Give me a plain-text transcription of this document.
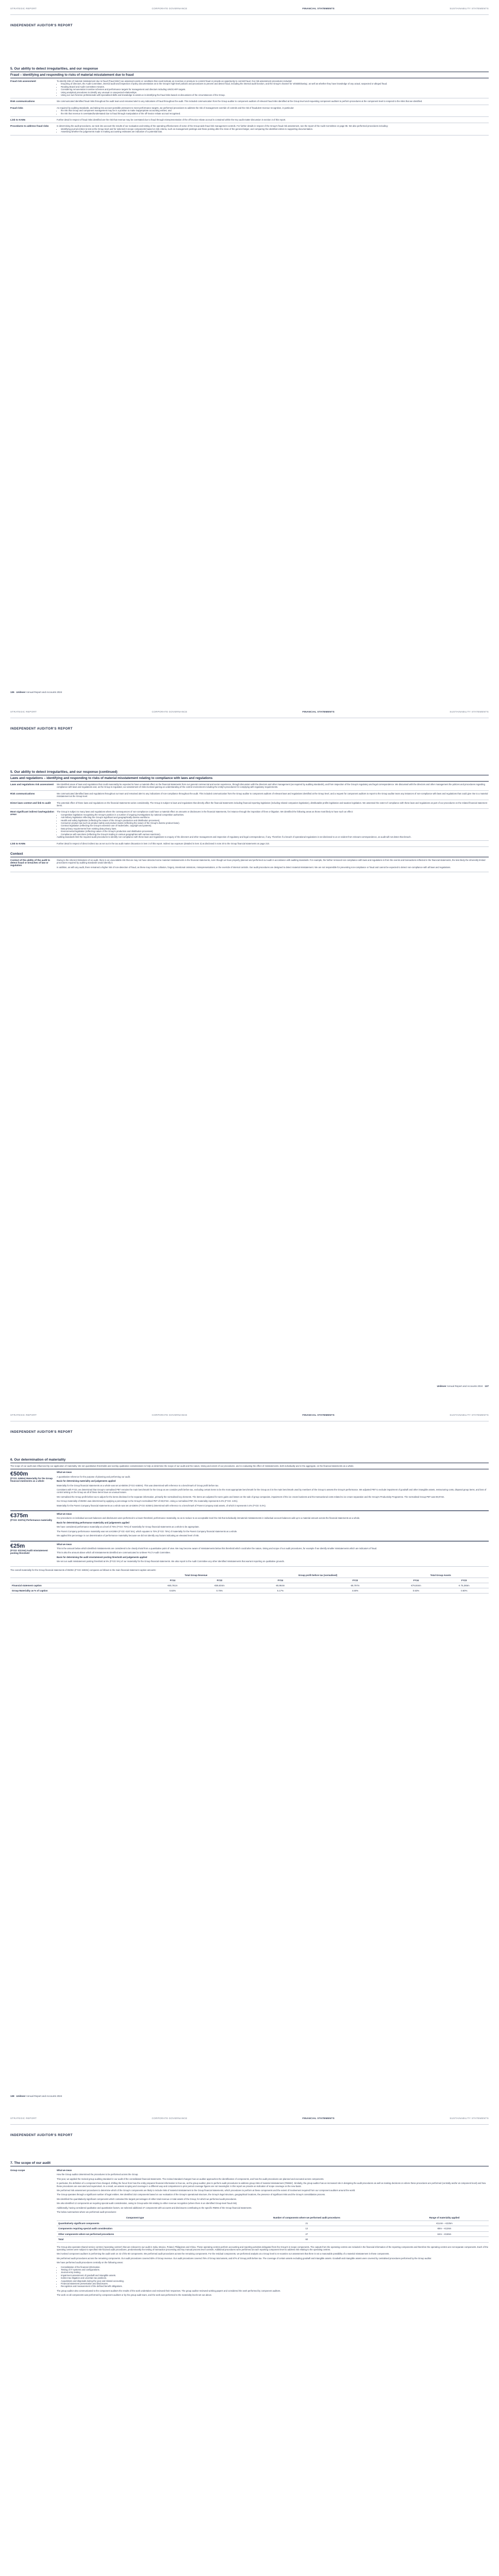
STRATEGIC REPORT	CORPORATE GOVERNANCE	FINANCIAL STATEMENTS	SUSTAINABILITY STATEMENTS
INDEPENDENT AUDITOR'S REPORT
5. Our ability to detect irregularities, and our response
Fraud – identifying and responding to risks of material misstatement due to fraud
Fraud risk assessment	To identify risks of material misstatement due to fraud ('fraud risks') we assessed events or conditions that could indicate an incentive or pressure to commit fraud or provide an opportunity to commit fraud. Our risk assessment procedures included:
• Enquiring of directors, the Audit Committee, internal audit and inspection of policy documentation as to the Group's high-level policies and procedures to prevent and detect fraud, including the internal audit function, and the Group's channel for 'whistleblowing', as well as whether they have knowledge of any actual, suspected or alleged fraud.
• Reading Board and Audit Committee minutes.
• Considering remuneration incentive schemes and performance targets for management and directors including UNOCARF targets.
• Using analytical procedures to identify any unusual or unexpected relationships.
• Using our own forensic professionals with specialised skills and knowledge to assist us in identifying the fraud risks based on discussions of the circumstances of the Group.
Risk communications	We communicated identified fraud risks throughout the audit team and remained alert to any indications of fraud throughout the audit. This included communication from the Group auditor to component auditors of relevant fraud risks identified at the Group level and requesting component auditors to perform procedures at the component level to respond to the risks that we identified.
Fraud risks	As required by auditing standards, and taking into account possible pressures to meet performance targets, we performed procedures to address the risk of management override of controls and the risk of fraudulent revenue recognition, in particular:
• the risk that Group and component management may be in a position to make inappropriate accounting entries; and
• the risk that revenue is overstated/understated due to fraud through manipulation of the off-invoice rebate accrual recognised.
Link to KAMs	Further detail in respect of fraud risks identified are the risk that revenue may be overstated due to fraud through misrepresentation of the off-invoice rebate accrual is contained within the Key audit matter discussion in section 3 of this report.
Procedures to address fraud risks	In determining the audit procedures, we took into account the results of our evaluation and testing of the operating effectiveness of some of the Group-wide fraud risk management controls. For further details in respect of the Group's fraud risk assessment, see the report of the Audit Committee on page 96. We also performed procedures including:
• Identifying journal entries to test at the Group level and for selected in-scope components based on risk criteria, such as management postings and those posting after the close of the general ledger, and comparing the identified entries to supporting documentation.
• Assessing whether the judgements made in making accounting estimates are indicative of a potential bias.
136 Unilever Annual Report and Accounts 2024
STRATEGIC REPORT	CORPORATE GOVERNANCE	FINANCIAL STATEMENTS	SUSTAINABILITY STATEMENTS
INDEPENDENT AUDITOR'S REPORT
5. Our ability to detect irregularities, and our response (continued)
Laws and regulations – identifying and responding to risks of material misstatement relating to compliance with laws and regulations
Laws and regulations risk assessment	We identified areas of laws and regulations that could reasonably be expected to have a material effect on the financial statements from our general commercial and sector experience, through discussion with the directors and other management (as required by auditing standards), and from inspection of the Group's regulatory and legal correspondence. We discussed with the directors and other management the policies and procedures regarding compliance with laws and regulations and, as the Group is regulated, our assessment of risks involved gaining an understanding of the control environment including the entity's procedures for complying with regulatory requirements.
Risk communications	We communicated identified laws and regulations throughout our team and remained alert to any indications of non-compliance throughout the audit. This included communication from the Group auditor to component auditors of relevant laws and regulations identified at the Group level, and a request for component auditors to report to the Group auditor team any instances of non-compliance with laws and regulations that could give rise to a material misstatement at the Group level.
Direct laws context and link to audit	The potential effect of these laws and regulations on the financial statements varies considerably. The Group is subject to laws and regulations that directly affect the financial statements including financial reporting legislation (including related companies legislation), distributable profits legislation and taxation legislation. We assessed the extent of compliance with these laws and regulations as part of our procedures on the related financial statement items.
Most significant indirect law/regulation areas
The Group is subject to many laws and regulations where the consequences of non-compliance could have a material effect on amounts or disclosures in the financial statements, for instance through the imposition of fines or litigation. We identified the following areas as those most likely to have such an effect:
• Competition legislation recognising the Group's position in a number of ongoing investigations by national competition authorities.
• Anti-bribery legislation reflecting the Group's significant and geographically diverse workforce.
• Health and safety legislation (reflecting the nature of the Group's production and distribution processes).
• Consumer product law such as product safety and product claims (reflecting the nature of the Group's diverse product base).
• Contract legislation (reflecting the Group's extensive use of trademarks, copyright and patents).
• Data privacy requirements from existing data privacy laws.
• Environmental legislation (reflecting nature of the Group's production and distribution processes).
• Compliance with sanctions (reflecting the Group's trading in various geographies with various sanctions).
Auditing standards limit the required audit procedures to identify non-compliance with these laws and regulations to enquiry of the directors and other management and inspection of regulatory and legal correspondence, if any. Therefore if a breach of operational regulations is not disclosed to us or evident from relevant correspondence, an audit will not detect that breach.
Link to KAMs	Further detail in respect of direct indirect tax as set out in the tax audit matter discussion in item 3 of this report. Indirect tax exposure (detailed in item 3) as disclosed in note 20 to the Group financial statements on page 210.
Context
Context of the ability of the audit to detect fraud or breaches of law or regulation

Owing to the inherent limitations of an audit, there is an unavoidable risk that we may not have detected some material misstatements in the financial statements, even though we have properly planned and performed our audit in accordance with auditing standards. For example, the further removed non-compliance with laws and regulations is from the events and transactions reflected in the financial statements, the less likely the inherently limited procedures required by auditing standards would identify it.

In addition, as with any audit, there remained a higher risk of non-detection of fraud, as these may involve collusion, forgery, intentional omissions, misrepresentations, or the override of internal controls. Our audit procedures are designed to detect material misstatement. We are not responsible for preventing non-compliance or fraud and cannot be expected to detect non-compliance with all laws and regulations.

Unilever Annual Report and Accounts 2024 137
STRATEGIC REPORT	CORPORATE GOVERNANCE	FINANCIAL STATEMENTS	SUSTAINABILITY STATEMENTS
INDEPENDENT AUDITOR'S REPORT
6. Our determination of materiality

The scope of our audit was influenced by our application of materiality. We set quantitative thresholds and overlay qualitative considerations to help us determine the scope of our audit and the nature, timing and extent of our procedures, and in evaluating the effect of misstatements, both individually and in the aggregate, on the financial statements as a whole.

€500m
(FY23: €450m) Materiality for the Group financial statements as a whole

What we mean

A quantitative reference for the purpose of planning and performing our audit.

Basis for determining materiality and judgements applied

Materiality for the Group financial statements as a whole was set at €500m (FY23: €450m). This was determined with reference to a benchmark of Group profit before tax.

Consistent with FY23, we determined that Group's normalised PBT remains the main benchmark for the Group as we consider profit before tax, excluding certain items to be the most appropriate benchmark for the Group as it is the main benchmark used by members of the Group to assess the Group's performance. We adjusted PBT to exclude impairment of goodwill and other intangible assets, restructuring costs, disposal group items, and loss of control arising on the Group as all of these items have an unusual nature.

We normalised the Group profit before tax to adjust for the items disclosed in the separate information, primarily the normalised key elements. The items are adjusted for were gains and losses on the sale of group companies, impairment of the ice cream business and the transactional costs related to ice cream separation and the Group's Productivity Programme. The normalised Group PBT was €9,974m.

Our Group materiality of €500m was determined by applying a percentage to the Group's normalised PBT of €9,974m. Using a normalised PBT, the materiality represents 5.0% (FY23: 4.6%).

Materiality for the Parent Company financial statements as a whole was set at €260m (FY23: €250m) determined with reference to a benchmark of Parent Company total assets, of which it represents 0.4% (FY23: 0.4%).

€375m
(FY23: €337m) Performance materiality

What we mean

Our procedures on individual account balances and disclosures were performed to a lower threshold, performance materiality, so as to reduce to an acceptable level the risk that individually immaterial misstatements in individual account balances add up to a material amount across the financial statements as a whole.

Basis for determining performance materiality and judgements applied

We have considered performance materiality at a level of 75% (FY23: 75%) of materiality for Group financial statements as a whole to be appropriate.

The Parent Company performance materiality was set at €195m (FY23: €187.5m), which equates to 75% (FY23: 75%) of materiality for the Parent Company financial statements as a whole.

We applied this percentage in our determination of performance materiality because we did not identify any factors indicating an elevated level of risk.

€25m
(FY23: €22.5m) Audit misstatement posting threshold

What we mean

This is the amount below which identified misstatements are considered to be clearly trivial from a quantitative point of view. We may become aware of misstatements below this threshold which could alter the nature, timing and scope of our audit procedures, for example if we identify smaller misstatements which are indicators of fraud.

This is also the amount above which all misstatements identified are communicated to Unilever PLC's Audit Committee.

Basis for determining the audit misstatement posting threshold and judgements applied

We set our audit misstatement posting threshold at 5% (FY23: 5%) of our materiality for the Group financial statements. We also report to the Audit Committee any other identified misstatements that warrant reporting on qualitative grounds.

The overall materiality for the Group financial statements of €500m (FY23: €450m) compares as follows to the main financial statement caption amounts:

	Total Group Revenue		Group profit before tax (normalised)		Total Group Assets	
	FY24	FY23	FY24	FY23	FY24	FY23
Financial statement caption	€60,761m	€59,604m	€9,964m	€9,797m	€79,934m	€ 75,365m
Group Materiality as % of caption	0.82%	0.75%	5.17%	4.60%	0.63%	0.60%
138 Unilever Annual Report and Accounts 2024
STRATEGIC REPORT	CORPORATE GOVERNANCE	FINANCIAL STATEMENTS	SUSTAINABILITY STATEMENTS
INDEPENDENT AUDITOR'S REPORT
7. The scope of our audit
Group scope	What we mean

How the Group auditor determined the procedures to be performed across the Group.

This year, we applied the revised group auditing standard in our audit of the consolidated financial statements. The revised standard changes how an auditor approaches the identification of components, and how the audit procedures are planned and executed across components.

In particular, the definition of a component has changed, shifting the focus from how the entity prepares financial information to how we, as the group auditor, plan to perform audit procedures to address group risks of material misstatement ('RMMs'). Similarly, the group auditor has an increased role in designing the audit procedures as well as making decisions on where these procedures are performed (centrally and/or at component level) and how these procedures are executed and supervised. As a result, we assess scoping and coverage in a different way and comparisons to prior period coverage figures are not meaningful. In this report we provide an indication of scope coverage on the new basis.

We performed risk assessment procedures to determine which of the Group's components are likely to include risks of material misstatement to the Group financial statements, which procedures to perform at these components and the extent of involvement required from our component auditors around the world.

The Group operates through a significant number of legal entities. We identified 152 components based on our evaluation of the Group's operational structure, the Group's legal structure, geographical locations, the presence of significant risks and the Group's consolidation process.

We identified the quantitatively significant components which contained the largest percentages of either total revenue or total assets of the Group, for which we performed audit procedures.

We also identified 12 components as requiring special audit consideration, owing to Group-wide risk relating to either revenue recognition (where there is an identified Group-level fraud risk).

Additionally, having considered qualitative and quantitative factors, we selected additional 27 components with accounts and disclosures contributing to the specific RMMs of the Group financial statements.

The below summarises where we performed audit procedures:

Component type	Number of components where we performed audit procedures	Range of materiality applied
Quantitatively significant components	21	€114m – €225m
Components requiring special audit consideration	12	€8m – €126m
Other components where we performed procedures	27	€4m – €165m
Total	60	

The Group also operates shared service centres ('operating centres') that are relevant to our audit in India, Mexico, Poland, Philippines and China. These operating centres perform accounting and reporting activities delegated from the Group's in-scope components. The outputs from the operating centres are included in the financial information of the reporting components and therefore the operating centres are not separate components. Each of the operating centres were subject to specified risk-focused audit procedures, predominantly the testing of transaction processing and key manual process level controls. Additional procedures were performed at each reporting component level to address risk relating to the operating centres.

We involved component auditors in performing the audit work on 42 of the 60 components. We performed audit procedures across the remaining components. For the residual components, we performed analysis at a Group level to re-examine our assessment that there is not a reasonable possibility of a material misstatement in these components.

We performed audit procedures across the remaining components. Our audit procedures covered 83% of Group revenue. Our audit procedures covered 75% of Group total assets, and 87% of Group profit before tax. The coverage of certain assets excluding goodwill and intangible assets. Goodwill and intangible assets were covered by centralised procedures performed by the Group auditor.

We have performed audit procedures centrally on the following areas:

• Consolidation of the financial information.
• Testing of IT systems and configurations.
• Journal entry testing.
• Impairment assessment of goodwill and intangible assets.
• Indirect tax litigation and uncertain tax positions.
• Acquisitions and disposals during the year and related accounting.
• Financial statement presentation and disclosures.
• Recognition and measurement of the defined benefit obligations.

The group auditor also communicated to the component auditors the results of the work undertaken and reviewed their responses. The group auditor reviewed working papers and considered the work performed by component auditors.

The work on all components was performed by component auditors or by the group audit team, and the work was performed to the materiality levels set out above.
